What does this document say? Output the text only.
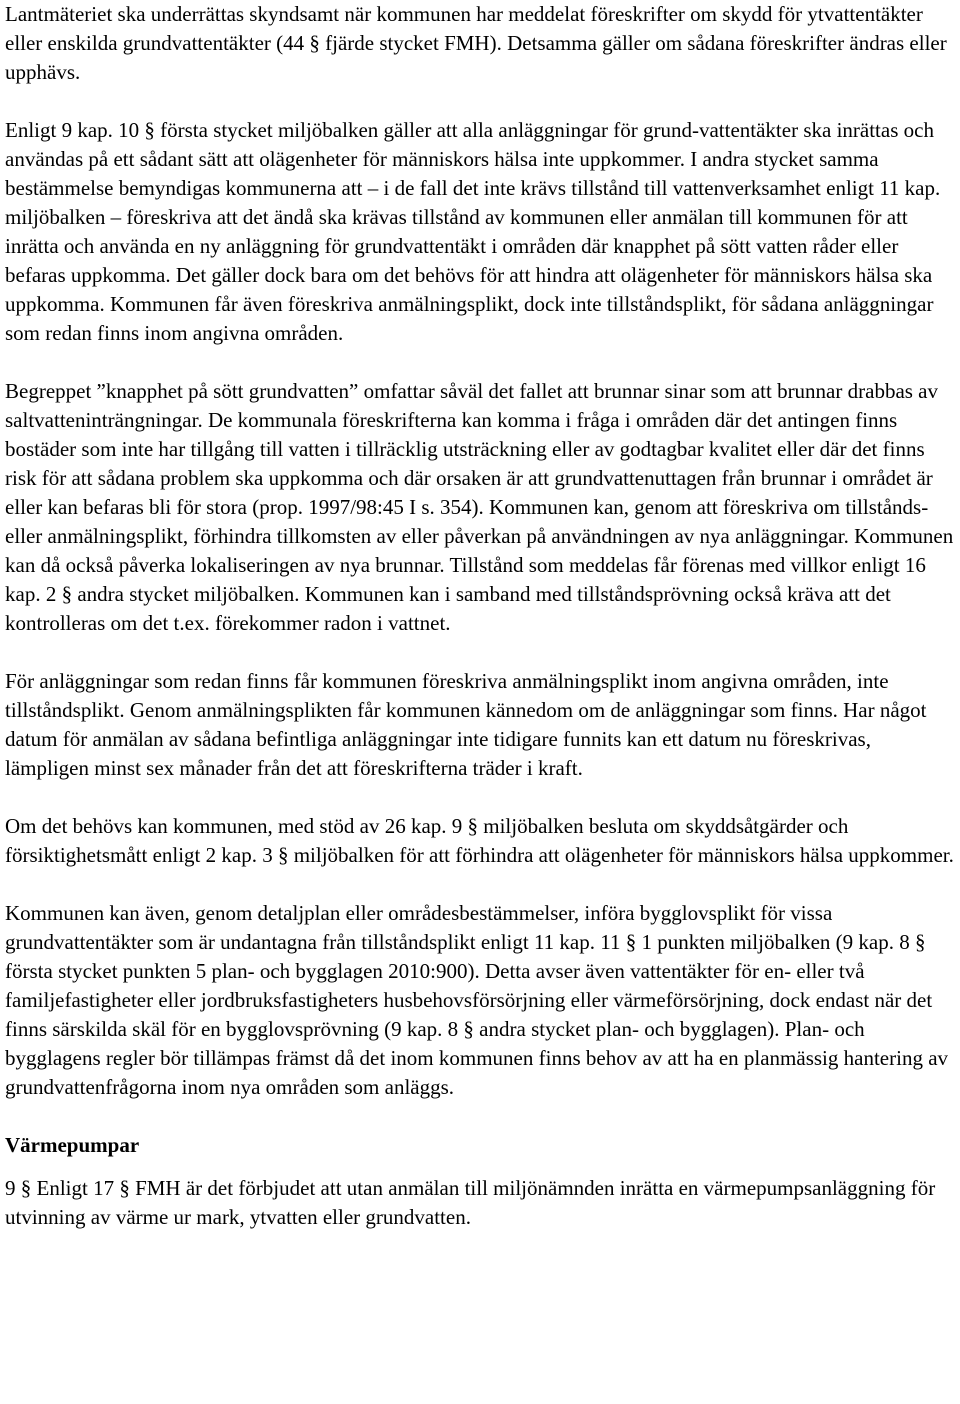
Lantmäteriet ska underrättas skyndsamt när kommunen har meddelat föreskrifter om skydd för ytvattentäkter eller enskilda grundvattentäkter (44 § fjärde stycket FMH). Detsamma gäller om sådana föreskrifter ändras eller upphävs.

Enligt 9 kap. 10 § första stycket miljöbalken gäller att alla anläggningar för grund-vattentäkter ska inrättas och användas på ett sådant sätt att olägenheter för människors hälsa inte uppkommer. I andra stycket samma bestämmelse bemyndigas kommunerna att – i de fall det inte krävs tillstånd till vattenverksamhet enligt 11 kap. miljöbalken – föreskriva att det ändå ska krävas tillstånd av kommunen eller anmälan till kommunen för att inrätta och använda en ny anläggning för grundvattentäkt i områden där knapphet på sött vatten råder eller befaras uppkomma. Det gäller dock bara om det behövs för att hindra att olägenheter för människors hälsa ska uppkomma. Kommunen får även föreskriva anmälningsplikt, dock inte tillståndsplikt, för sådana anläggningar som redan finns inom angivna områden.

Begreppet ”knapphet på sött grundvatten” omfattar såväl det fallet att brunnar sinar som att brunnar drabbas av saltvatteninträngningar. De kommunala föreskrifterna kan komma i fråga i områden där det antingen finns bostäder som inte har tillgång till vatten i tillräcklig utsträckning eller av godtagbar kvalitet eller där det finns risk för att sådana problem ska uppkomma och där orsaken är att grundvattenuttagen från brunnar i området är eller kan befaras bli för stora (prop. 1997/98:45 I s. 354). Kommunen kan, genom att föreskriva om tillstånds- eller anmälningsplikt, förhindra tillkomsten av eller påverkan på användningen av nya anläggningar. Kommunen kan då också påverka lokaliseringen av nya brunnar. Tillstånd som meddelas får förenas med villkor enligt 16 kap. 2 § andra stycket miljöbalken. Kommunen kan i samband med tillståndsprövning också kräva att det kontrolleras om det t.ex. förekommer radon i vattnet.

För anläggningar som redan finns får kommunen föreskriva anmälningsplikt inom angivna områden, inte tillståndsplikt. Genom anmälningsplikten får kommunen kännedom om de anläggningar som finns. Har något datum för anmälan av sådana befintliga anläggningar inte tidigare funnits kan ett datum nu föreskrivas, lämpligen minst sex månader från det att föreskrifterna träder i kraft.

Om det behövs kan kommunen, med stöd av 26 kap. 9 § miljöbalken besluta om skyddsåtgärder och försiktighetsmått enligt 2 kap. 3 § miljöbalken för att förhindra att olägenheter för människors hälsa uppkommer.

Kommunen kan även, genom detaljplan eller områdesbestämmelser, införa bygglovsplikt för vissa grundvattentäkter som är undantagna från tillståndsplikt enligt 11 kap. 11 § 1 punkten miljöbalken (9 kap. 8 § första stycket punkten 5 plan- och bygglagen 2010:900). Detta avser även vattentäkter för en- eller två familjefastigheter eller jordbruksfastigheters husbehovsförsörjning eller värmeförsörjning, dock endast när det finns särskilda skäl för en bygglovsprövning (9 kap. 8 § andra stycket plan- och bygglagen). Plan- och bygglagens regler bör tillämpas främst då det inom kommunen finns behov av att ha en planmässig hantering av grundvattenfrågorna inom nya områden som anläggs.

Värmepumpar

9 § Enligt 17 § FMH är det förbjudet att utan anmälan till miljönämnden inrätta en värmepumpsanläggning för utvinning av värme ur mark, ytvatten eller grundvatten.
